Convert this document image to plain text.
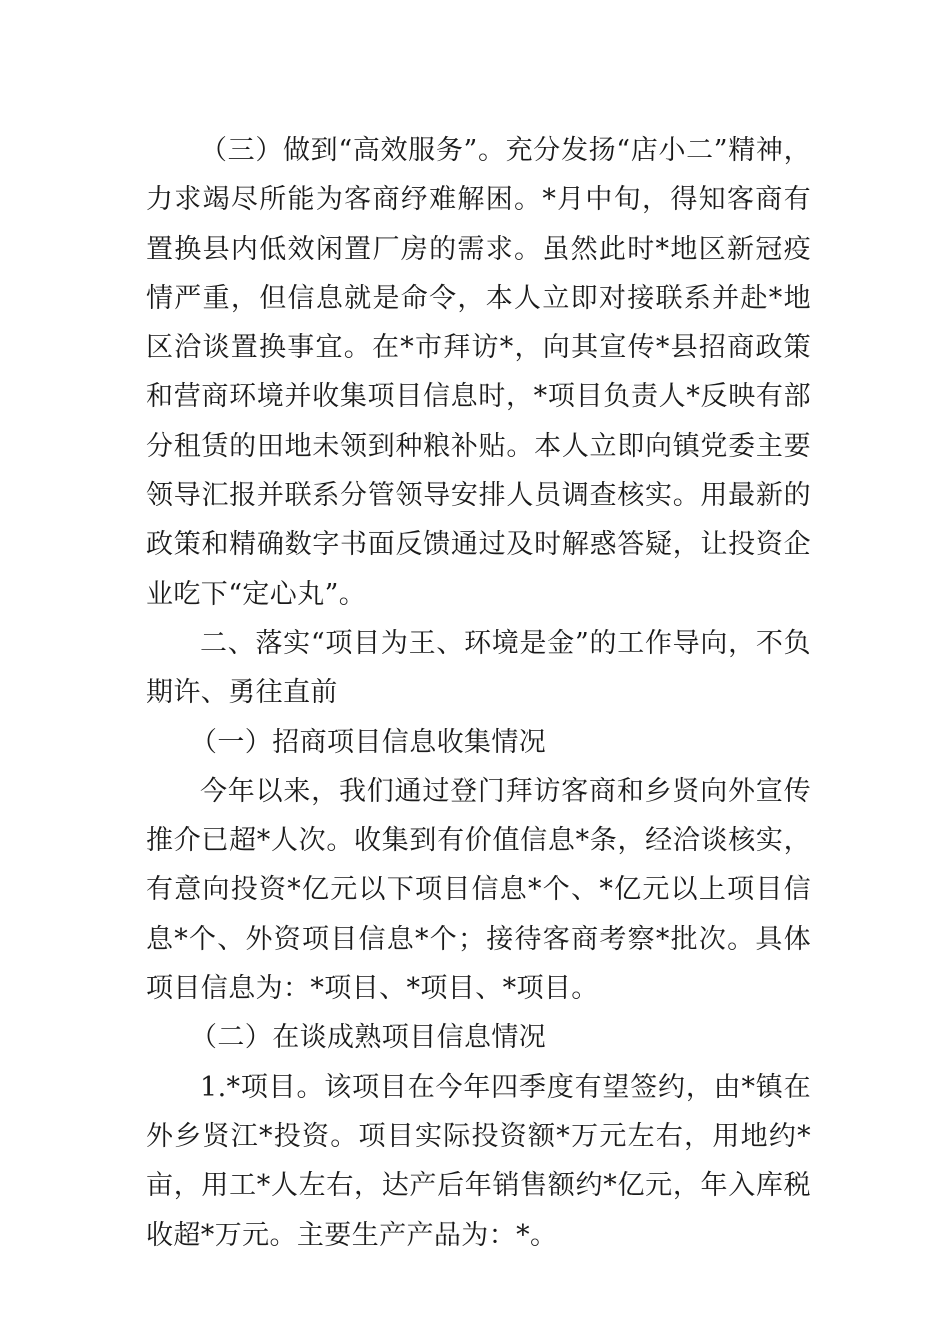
（三）做到“高效服务”。充分发扬“店小二”精神，力求竭尽所能为客商纾难解困。*月中旬，得知客商有置换县内低效闲置厂房的需求。虽然此时*地区新冠疫情严重，但信息就是命令，本人立即对接联系并赴*地区洽谈置换事宜。在*市拜访*，向其宣传*县招商政策和营商环境并收集项目信息时，*项目负责人*反映有部分租赁的田地未领到种粮补贴。本人立即向镇党委主要领导汇报并联系分管领导安排人员调查核实。用最新的政策和精确数字书面反馈通过及时解惑答疑，让投资企业吃下“定心丸”。

二、落实“项目为王、环境是金”的工作导向，不负期许、勇往直前

（一）招商项目信息收集情况

今年以来，我们通过登门拜访客商和乡贤向外宣传推介已超*人次。收集到有价值信息*条，经洽谈核实，有意向投资*亿元以下项目信息*个、*亿元以上项目信息*个、外资项目信息*个；接待客商考察*批次。具体项目信息为：*项目、*项目、*项目。

（二）在谈成熟项目信息情况

1.*项目。该项目在今年四季度有望签约，由*镇在外乡贤江*投资。项目实际投资额*万元左右，用地约*亩，用工*人左右，达产后年销售额约*亿元，年入库税收超*万元。主要生产产品为：*。
